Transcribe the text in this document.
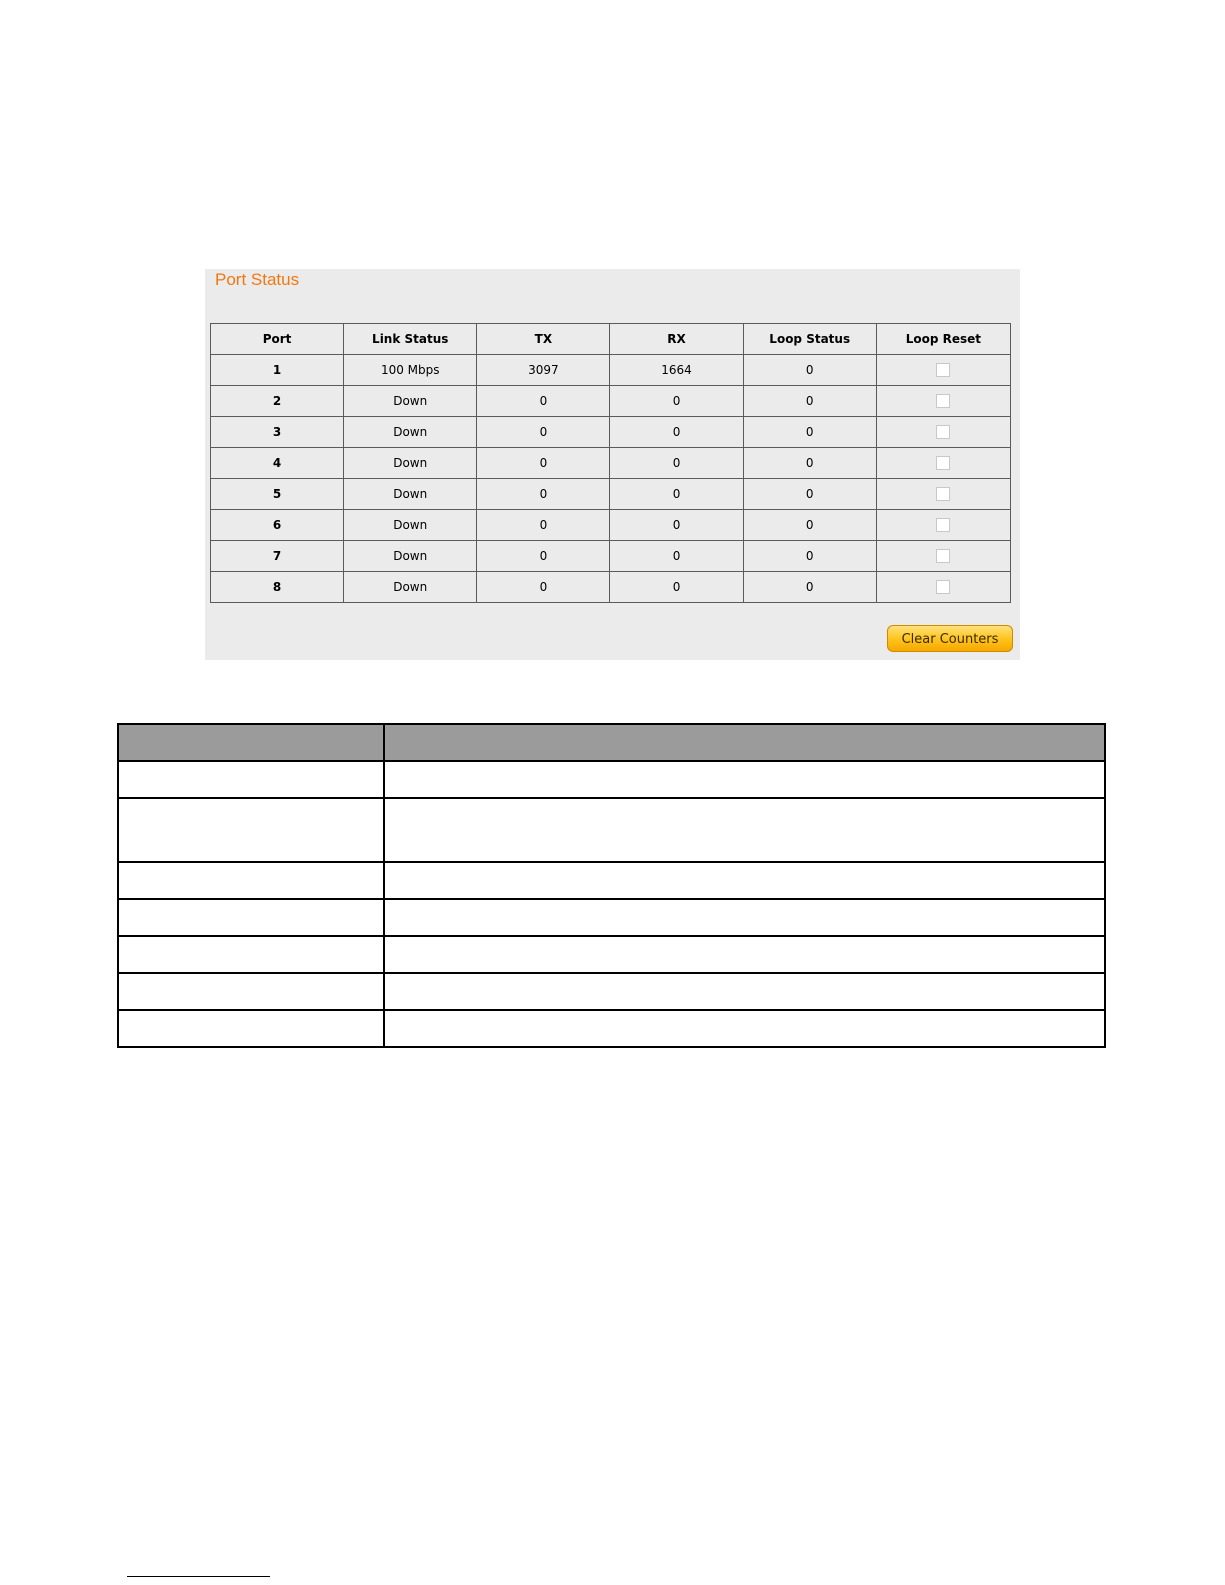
Port Status
Port	Link Status	TX	RX	Loop Status	Loop Reset
1	100 Mbps	3097	1664	0	
2	Down	0	0	0	
3	Down	0	0	0	
4	Down	0	0	0	
5	Down	0	0	0	
6	Down	0	0	0	
7	Down	0	0	0	
8	Down	0	0	0	
Clear Counters
